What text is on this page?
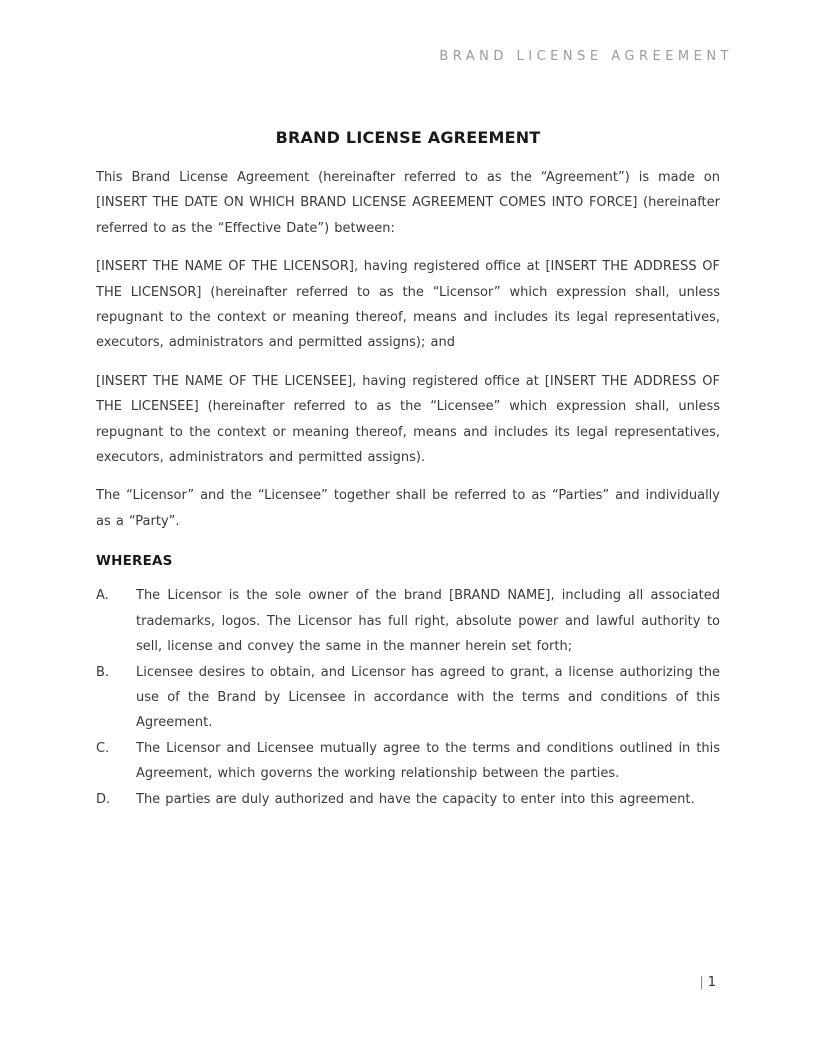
BRAND LICENSE AGREEMENT
BRAND LICENSE AGREEMENT

This Brand License Agreement (hereinafter referred to as the “Agreement”) is made on [INSERT THE DATE ON WHICH BRAND LICENSE AGREEMENT COMES INTO FORCE] (hereinafter referred to as the “Effective Date”) between:

[INSERT THE NAME OF THE LICENSOR], having registered office at [INSERT THE ADDRESS OF THE LICENSOR] (hereinafter referred to as the “Licensor” which expression shall, unless repugnant to the context or meaning thereof, means and includes its legal representatives, executors, administrators and permitted assigns); and

[INSERT THE NAME OF THE LICENSEE], having registered office at [INSERT THE ADDRESS OF THE LICENSEE] (hereinafter referred to as the “Licensee” which expression shall, unless repugnant to the context or meaning thereof, means and includes its legal representatives, executors, administrators and permitted assigns).

The “Licensor” and the “Licensee” together shall be referred to as “Parties” and individually as a “Party”.

WHEREAS
A.	The Licensor is the sole owner of the brand [BRAND NAME], including all associated trademarks, logos. The Licensor has full right, absolute power and lawful authority to sell, license and convey the same in the manner herein set forth;
B.	Licensee desires to obtain, and Licensor has agreed to grant, a license authorizing the use of the Brand by Licensee in accordance with the terms and conditions of this Agreement.
C.	The Licensor and Licensee mutually agree to the terms and conditions outlined in this Agreement, which governs the working relationship between the parties.
D.	The parties are duly authorized and have the capacity to enter into this agreement.
| 1
